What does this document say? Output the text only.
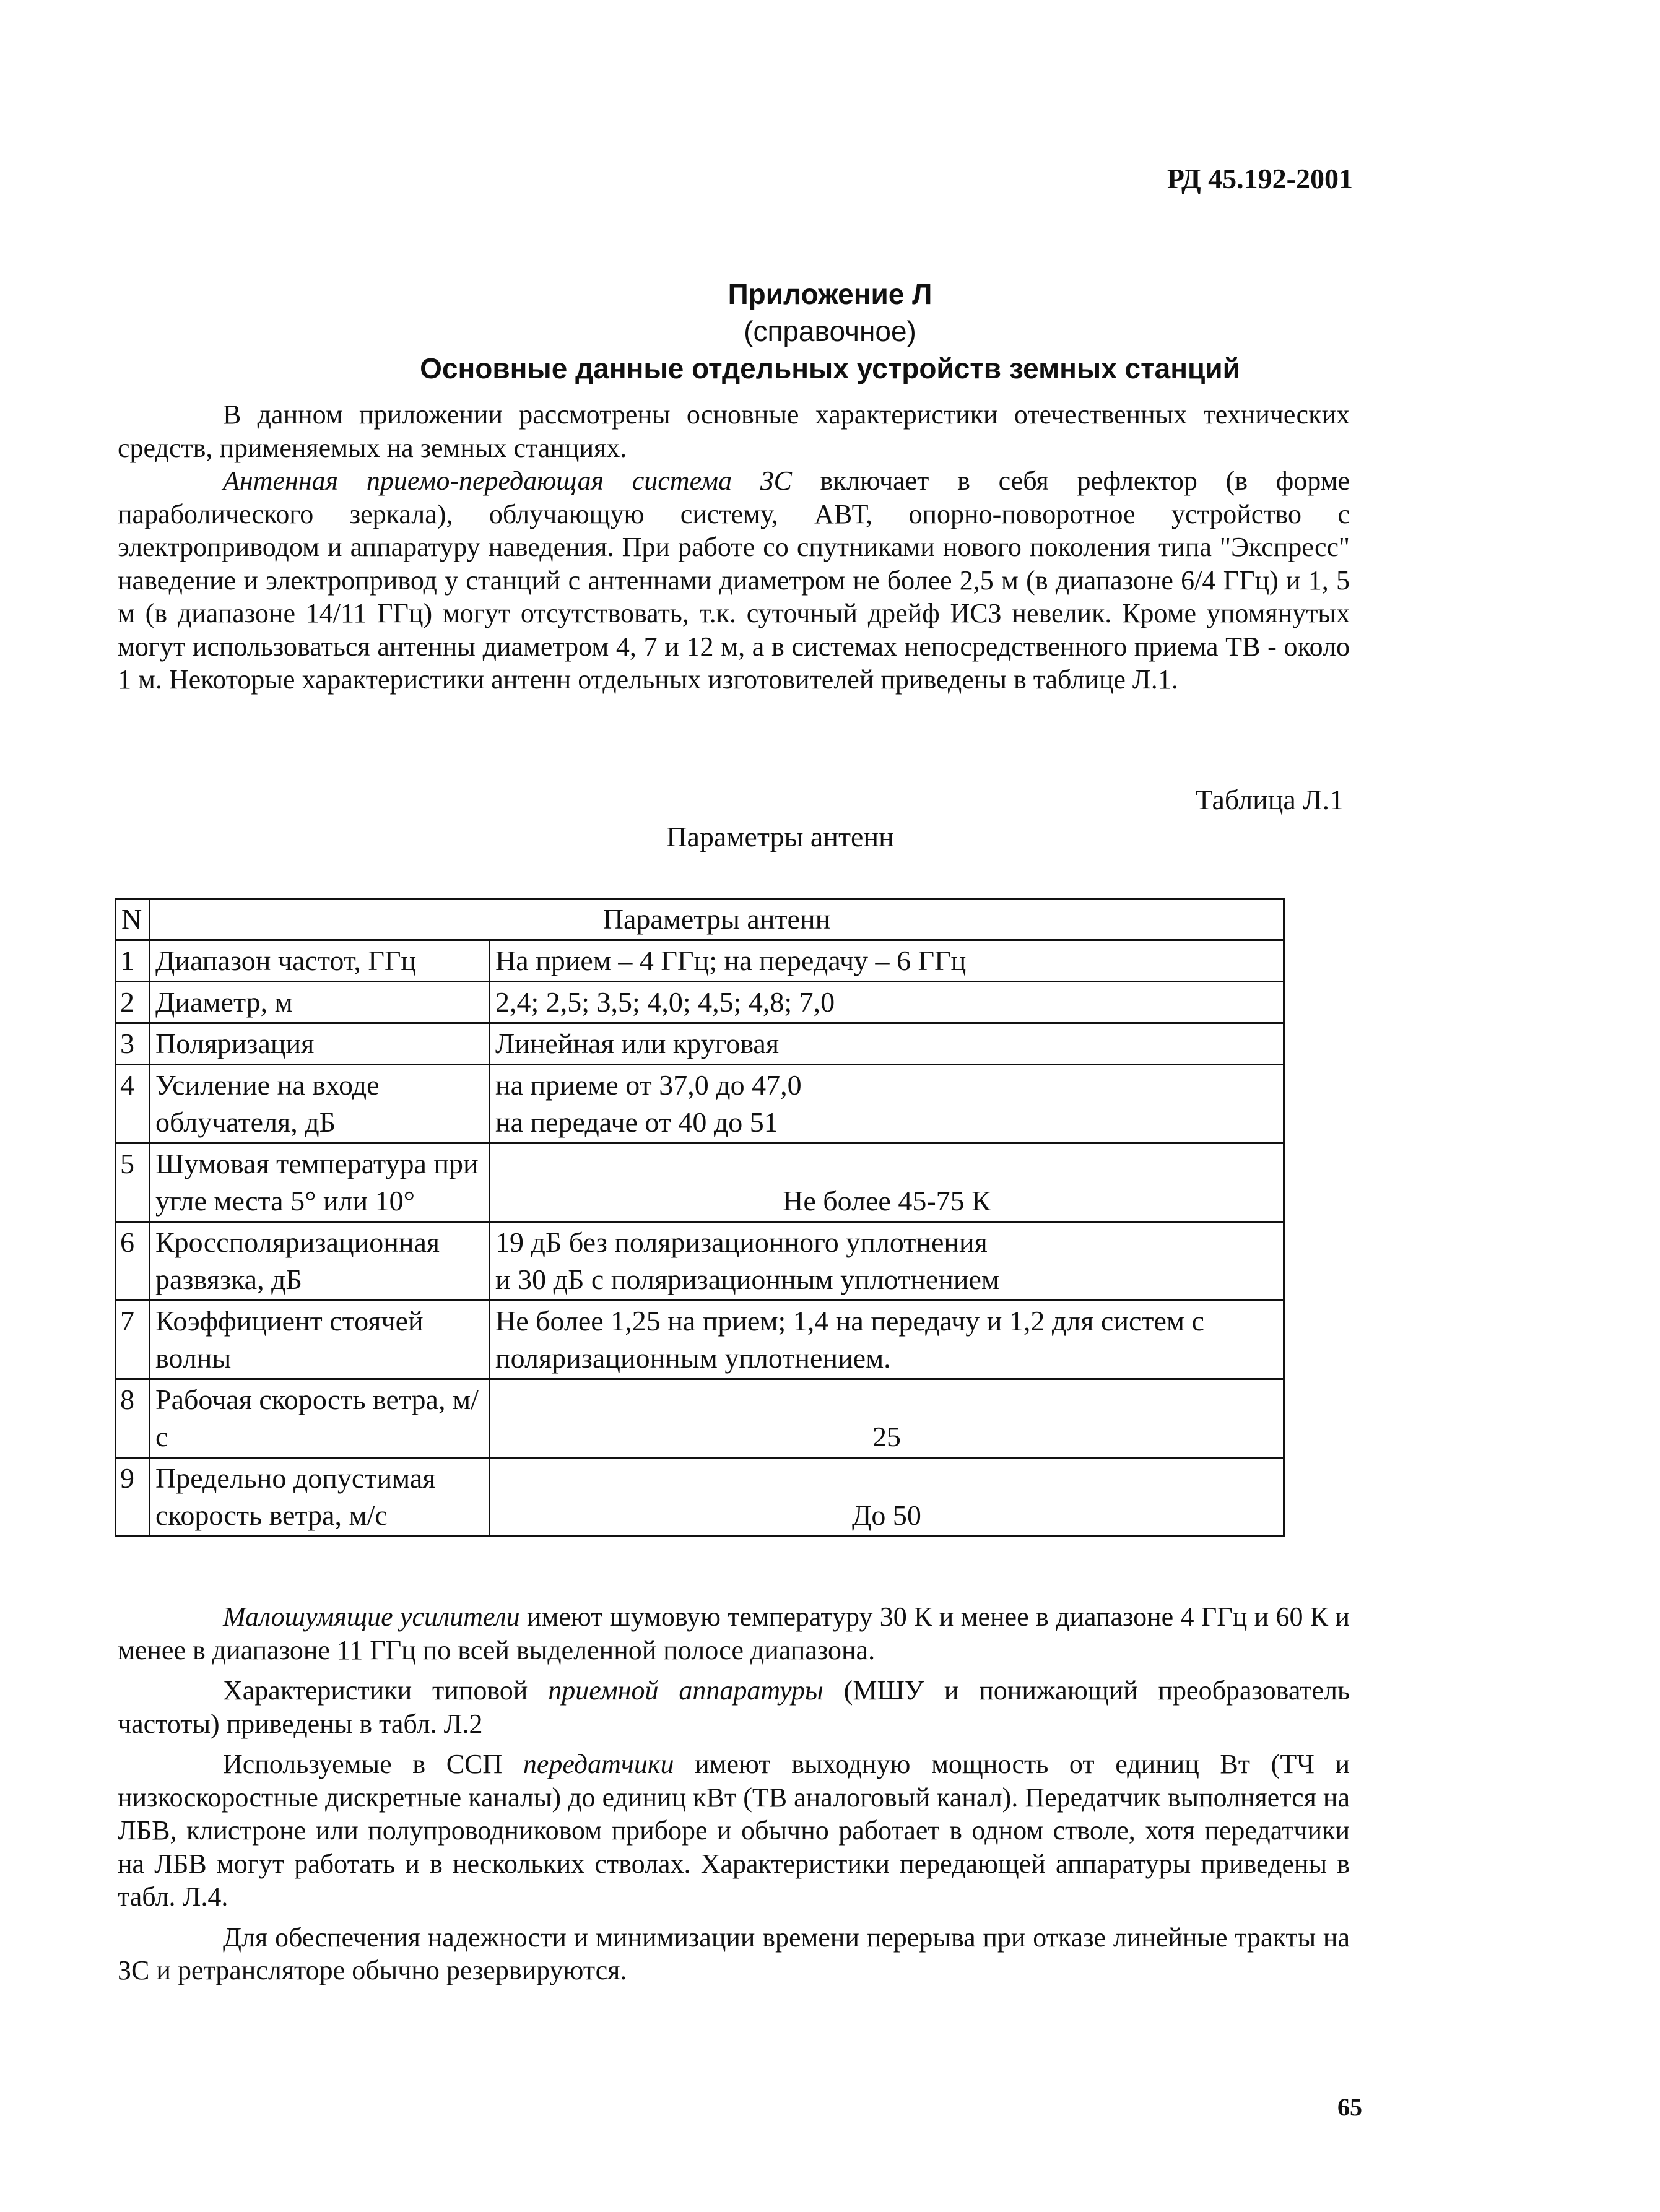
РД 45.192-2001
Приложение Л
(справочное)
Основные данные отдельных устройств земных станций

В данном приложении рассмотрены основные характеристики отечественных технических средств, применяемых на земных станциях.

Антенная приемо-передающая система ЗС включает в себя рефлектор (в форме параболического зеркала), облучающую систему, АВТ, опорно-поворотное устройство с электроприводом и аппаратуру наведения. При работе со спутниками нового поколения типа "Экспресс" наведение и электропривод у станций с антеннами диаметром не более 2,5 м (в диапазоне 6/4 ГГц) и 1, 5 м (в диапазоне 14/11 ГГц) могут отсутствовать, т.к. суточный дрейф ИСЗ невелик. Кроме упомянутых могут использоваться антенны диаметром 4, 7 и 12 м, а в системах непосредственного приема ТВ - около 1 м. Некоторые характеристики антенн отдельных изготовителей приведены в таблице Л.1.

Таблица Л.1
Параметры антенн
N	Параметры антенн	
1	Диапазон частот, ГГц	На прием – 4 ГГц; на передачу – 6 ГГц
2	Диаметр, м	2,4; 2,5; 3,5; 4,0; 4,5; 4,8; 7,0
3	Поляризация	Линейная или круговая
4	Усиление на входе облучателя, дБ	на приеме от 37,0 до 47,0
на передаче от 40 до 51
5	Шумовая температура при угле места 5° или 10°	Не более 45-75 К
6	Кроссполяризационная развязка, дБ	19 дБ без поляризационного уплотнения
и 30 дБ с поляризационным уплотнением
7	Коэффициент стоячей волны	Не более 1,25 на прием; 1,4 на передачу и 1,2 для систем с поляризационным уплотнением.
8	Рабочая скорость ветра, м/с	25
9	Предельно допустимая скорость ветра, м/с	До 50

Малошумящие усилители имеют шумовую температуру 30 К и менее в диапазоне 4 ГГц и 60 К и менее в диапазоне 11 ГГц по всей выделенной полосе диапазона.

Характеристики типовой приемной аппаратуры (МШУ и понижающий преобразователь частоты) приведены в табл. Л.2

Используемые в ССП передатчики имеют выходную мощность от единиц Вт (ТЧ и низкоскоростные дискретные каналы) до единиц кВт (ТВ аналоговый канал). Передатчик выполняется на ЛБВ, клистроне или полупроводниковом приборе и обычно работает в одном стволе, хотя передатчики на ЛБВ могут работать и в нескольких стволах. Характеристики передающей аппаратуры приведены в табл. Л.4.

Для обеспечения надежности и минимизации времени перерыва при отказе линейные тракты на ЗС и ретрансляторе обычно резервируются.

65
